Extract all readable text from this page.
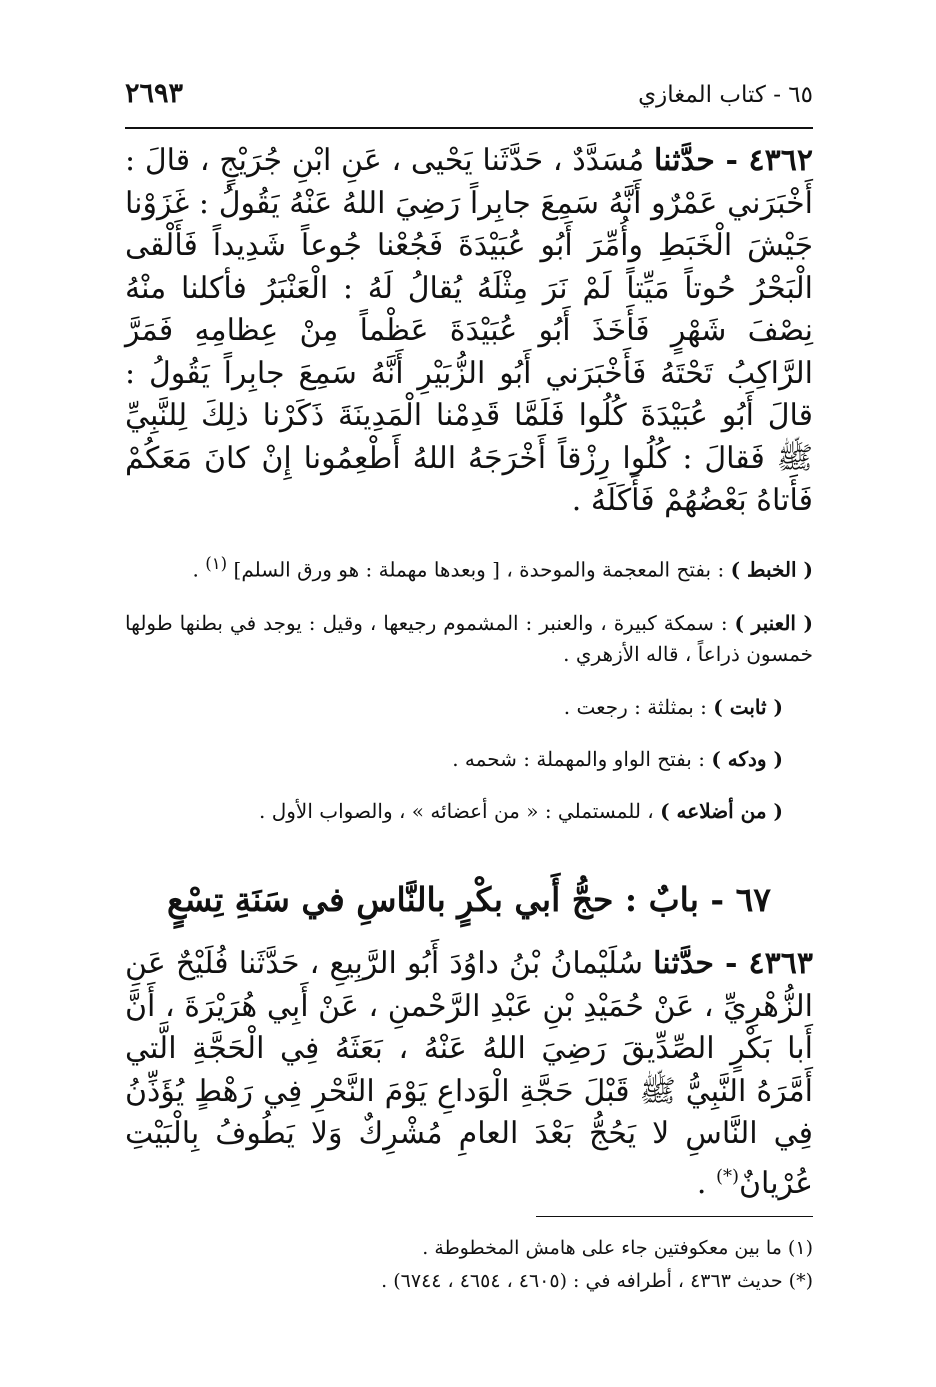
٦٥ - كتاب المغازي
٢٦٩٣
٤٣٦٢ - حدَّثنا مُسَدَّدٌ ، حَدَّثَنا يَحْيى ، عَنِ ابْنِ جُرَيْجٍ ، قالَ : أَخْبَرَني عَمْرٌو أَنَّهُ سَمِعَ جابِراً رَضِيَ اللهُ عَنْهُ يَقُولُ : غَزَوْنا جَيْشَ الْخَبَطِ وأُمِّرَ أَبُو عُبَيْدَةَ فَجُعْنا جُوعاً شَدِيداً فَأَلْقى الْبَحْرُ حُوتاً مَيِّتاً لَمْ نَرَ مِثْلَهُ يُقالُ لَهُ : الْعَنْبَرُ فأكلنا منْهُ نِصْفَ شَهْرٍ فَأَخَذَ أَبُو عُبَيْدَةَ عَظْماً مِنْ عِظامِهِ فَمَرَّ الرَّاكِبُ تَحْتَهُ فَأَخْبَرَني أَبُو الزُّبَيْرِ أَنَّهُ سَمِعَ جابِراً يَقُولُ : قالَ أَبُو عُبَيْدَةَ كُلُوا فَلَمَّا قَدِمْنا الْمَدِينَةَ ذَكَرْنا ذلِكَ لِلنَّبِيِّ ﷺ فَقالَ : كُلُوا رِزْقاً أَخْرَجَهُ اللهُ أَطْعِمُونا إِنْ كانَ مَعَكُمْ فَأَتاهُ بَعْضُهُمْ فَأَكَلَهُ .

( الخبط ) : بفتح المعجمة والموحدة ، [ وبعدها مهملة : هو ورق السلم] $^{(١)}$ .

( العنبر ) : سمكة كبيرة ، والعنبر : المشموم رجيعها ، وقيل : يوجد في بطنها طولها خمسون ذراعاً ، قاله الأزهري .

( ثابت ) : بمثلثة : رجعت .

( ودكه ) : بفتح الواو والمهملة : شحمه .

( من أضلاعه ) ، للمستملي : « من أعضائه » ، والصواب الأول .

٦٧ - بابٌ : حجُّ أَبي بكْرٍ بالنَّاسِ في سَنَةِ تِسْعٍ
٤٣٦٣ - حدَّثنا سُلَيْمانُ بْنُ داوُدَ أَبُو الرَّبِيعِ ، حَدَّثَنا فُلَيْحٌ عَنِ الزُّهْرِيِّ ، عَنْ حُمَيْدِ بْنِ عَبْدِ الرَّحْمنِ ، عَنْ أَبِي هُرَيْرَةَ ، أَنَّ أَبا بَكْرٍ الصِّدِّيقَ رَضِيَ اللهُ عَنْهُ ، بَعَثَهُ فِي الْحَجَّةِ الَّتي أَمَّرَهُ النَّبِيُّ ﷺ قَبْلَ حَجَّةِ الْوَداعِ يَوْمَ النَّحْرِ فِي رَهْطٍ يُؤَذِّنُ فِي النَّاسِ لا يَحُجُّ بَعْدَ العامِ مُشْرِكٌ وَلا يَطُوفُ بِالْبَيْتِ عُرْيانٌ(*) .

(١) ما بين معكوفتين جاء على هامش المخطوطة .

(*) حديث ٤٣٦٣ ، أطرافه في : (٤٦٠٥ ، ٤٦٥٤ ، ٦٧٤٤) .
